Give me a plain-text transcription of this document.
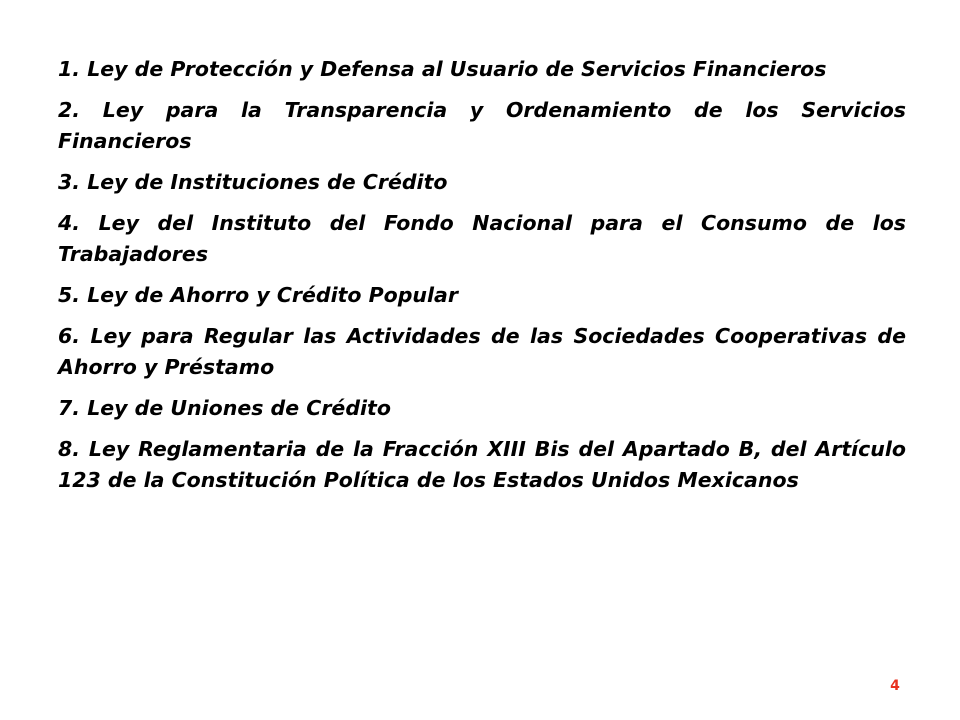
1. Ley de Protección y Defensa al Usuario de Servicios Financieros
2. Ley para la Transparencia y Ordenamiento de los Servicios Financieros
3. Ley de Instituciones de Crédito
4. Ley del Instituto del Fondo Nacional para el Consumo de los Trabajadores
5. Ley de Ahorro y Crédito Popular
6. Ley para Regular las Actividades de las Sociedades Cooperativas de Ahorro y Préstamo
7. Ley de Uniones de Crédito
8. Ley Reglamentaria de la Fracción XIII Bis del Apartado B, del Artículo 123 de la Constitución Política de los Estados Unidos Mexicanos
4
